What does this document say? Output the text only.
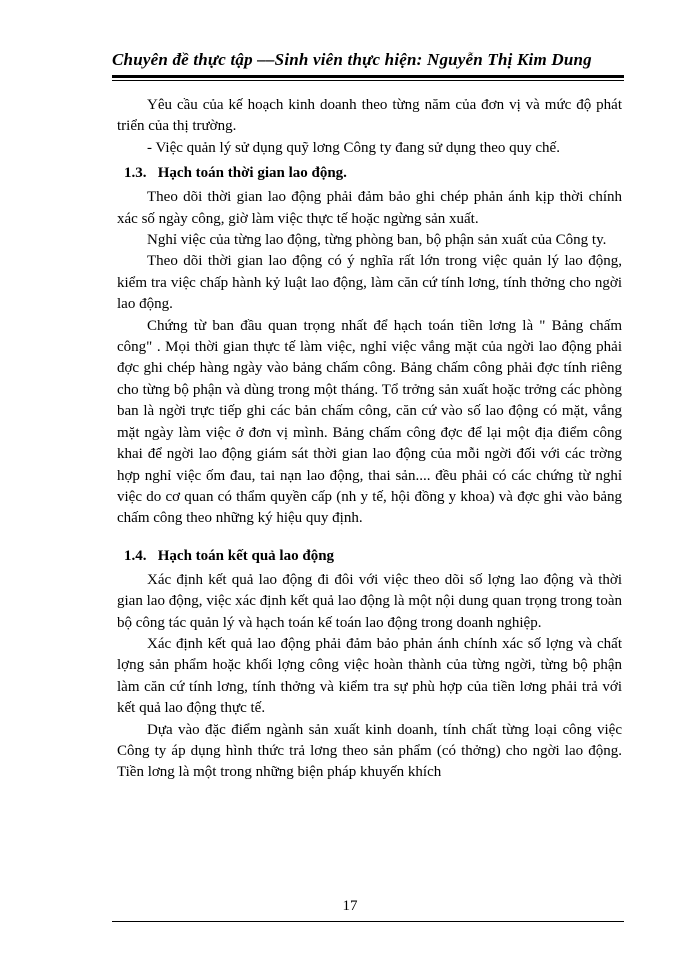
Chuyên đề thực tập ––Sinh viên thực hiện: Nguyễn Thị Kim Dung

Yêu cầu của kế hoạch kinh doanh theo từng năm của đơn vị và mức độ phát triển của thị trường.

- Việc quản lý sử dụng quỹ lơng Công ty đang sử dụng theo quy chế.

1.3. Hạch toán thời gian lao động.

Theo dõi thời gian lao động phải đảm bảo ghi chép phản ánh kịp thời chính xác số ngày công, giờ làm việc thực tế hoặc ngừng sản xuất.

Nghỉ việc của từng lao động, từng phòng ban, bộ phận sản xuất của Công ty.

Theo dõi thời gian lao động có ý nghĩa rất lớn trong việc quản lý lao động, kiểm tra việc chấp hành kỷ luật lao động, làm căn cứ tính lơng, tính thởng cho ngời lao động.

Chứng từ ban đầu quan trọng nhất để hạch toán tiền lơng là " Bảng chấm công" . Mọi thời gian thực tế làm việc, nghỉ việc vắng mặt của ngời lao động phải đợc ghi chép hàng ngày vào bảng chấm công. Bảng chấm công phải đợc tính riêng cho từng bộ phận và dùng trong một tháng. Tổ trởng sản xuất hoặc trởng các phòng ban là ngời trực tiếp ghi các bản chấm công, căn cứ vào số lao động có mặt, vắng mặt ngày làm việc ở đơn vị mình. Bảng chấm công đợc để lại một địa điểm công khai để ngời lao động giám sát thời gian lao động của mỗi ngời đối với các trờng hợp nghỉ việc ốm đau, tai nạn lao động, thai sản.... đều phải có các chứng từ nghỉ việc do cơ quan có thẩm quyền cấp (nh y tế, hội đồng y khoa) và đợc ghi vào bảng chấm công theo những ký hiệu quy định.

1.4. Hạch toán kết quả lao động

Xác định kết quả lao động đi đôi với việc theo dõi số lợng lao động và thời gian lao động, việc xác định kết quả lao động là một nội dung quan trọng trong toàn bộ công tác quản lý và hạch toán kế toán lao động trong doanh nghiệp.

Xác định kết quả lao động phải đảm bảo phản ánh chính xác số lợng và chất lợng sản phẩm hoặc khối lợng công việc hoàn thành của từng ngời, từng bộ phận làm căn cứ tính lơng, tính thởng và kiểm tra sự phù hợp của tiền lơng phải trả với kết quả lao động thực tế.

Dựa vào đặc điểm ngành sản xuất kinh doanh, tính chất từng loại công việc Công ty áp dụng hình thức trả lơng theo sản phẩm (có thởng) cho ngời lao động. Tiền lơng là một trong những biện pháp khuyến khích

17
